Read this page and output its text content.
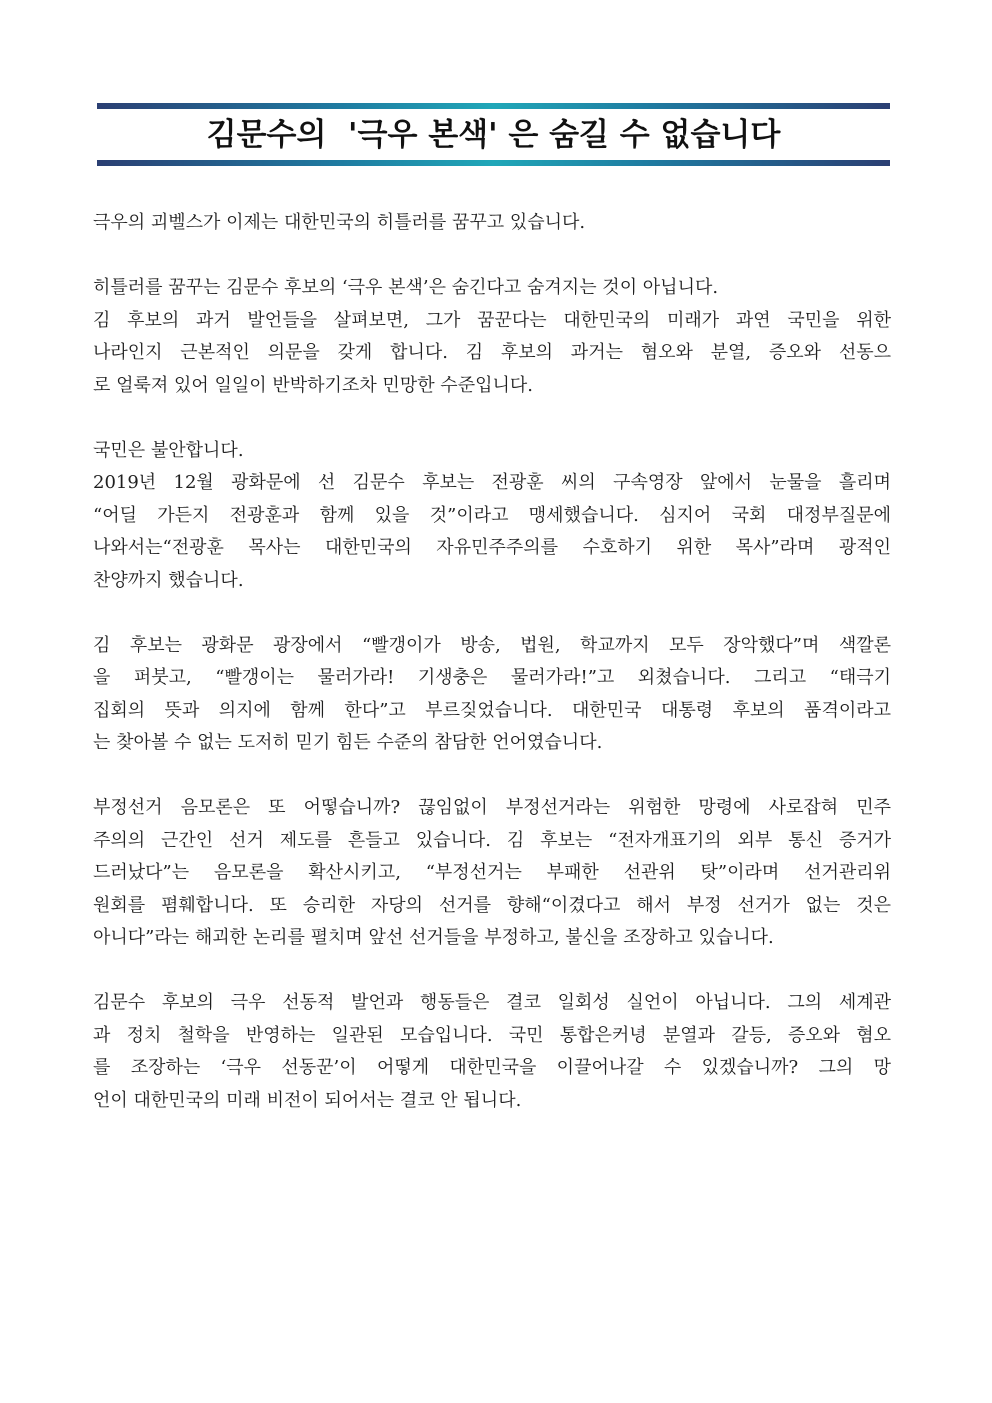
김문수의  '극우 본색' 은 숨길 수 없습니다
극우의 괴벨스가 이제는 대한민국의 히틀러를 꿈꾸고 있습니다.
히틀러를 꿈꾸는 김문수 후보의 ‘극우 본색’은 숨긴다고 숨겨지는 것이 아닙니다.
김 후보의 과거 발언들을 살펴보면, 그가 꿈꾼다는 대한민국의 미래가 과연 국민을 위한
나라인지 근본적인 의문을 갖게 합니다. 김 후보의 과거는 혐오와 분열, 증오와 선동으
로 얼룩져 있어 일일이 반박하기조차 민망한 수준입니다.
국민은 불안합니다.
2019년 12월 광화문에 선 김문수 후보는 전광훈 씨의 구속영장 앞에서 눈물을 흘리며
“어딜 가든지 전광훈과 함께 있을 것”이라고 맹세했습니다. 심지어 국회 대정부질문에
나와서는“전광훈 목사는 대한민국의 자유민주주의를 수호하기 위한 목사”라며 광적인
찬양까지 했습니다.
김 후보는 광화문 광장에서 “빨갱이가 방송, 법원, 학교까지 모두 장악했다”며 색깔론
을 퍼붓고, “빨갱이는 물러가라! 기생충은 물러가라!”고 외쳤습니다. 그리고 “태극기
집회의 뜻과 의지에 함께 한다”고 부르짖었습니다. 대한민국 대통령 후보의 품격이라고
는 찾아볼 수 없는 도저히 믿기 힘든 수준의 참담한 언어였습니다.
부정선거 음모론은 또 어떻습니까? 끊임없이 부정선거라는 위험한 망령에 사로잡혀 민주
주의의 근간인 선거 제도를 흔들고 있습니다. 김 후보는 “전자개표기의 외부 통신 증거가
드러났다”는 음모론을 확산시키고, “부정선거는 부패한 선관위 탓”이라며 선거관리위
원회를 폄훼합니다. 또 승리한 자당의 선거를 향해“이겼다고 해서 부정 선거가 없는 것은
아니다”라는 해괴한 논리를 펼치며 앞선 선거들을 부정하고, 불신을 조장하고 있습니다.
김문수 후보의 극우 선동적 발언과 행동들은 결코 일회성 실언이 아닙니다. 그의 세계관
과 정치 철학을 반영하는 일관된 모습입니다. 국민 통합은커녕 분열과 갈등, 증오와 혐오
를 조장하는 ‘극우 선동꾼’이 어떻게 대한민국을 이끌어나갈 수 있겠습니까? 그의 망
언이 대한민국의 미래 비전이 되어서는 결코 안 됩니다.
